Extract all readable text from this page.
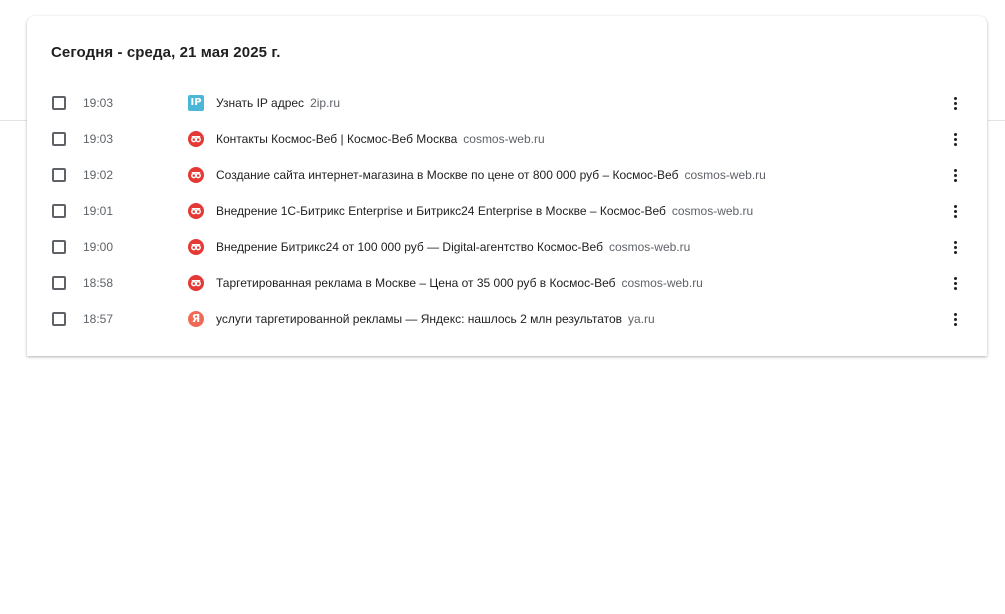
Сегодня - среда, 21 мая 2025 г.
19:03	IP Узнать IP адрес 2ip.ru
19:03	Контакты Космос-Веб | Космос-Веб Москва cosmos-web.ru
19:02	Создание сайта интернет-магазина в Москве по цене от 800 000 руб – Космос-Веб cosmos-web.ru
19:01	Внедрение 1С-Битрикс Enterprise и Битрикс24 Enterprise в Москве – Космос-Веб cosmos-web.ru
19:00	Внедрение Битрикс24 от 100 000 руб — Digital-агентство Космос-Веб cosmos-web.ru
18:58	Таргетированная реклама в Москве – Цена от 35 000 руб в Космос-Веб cosmos-web.ru
18:57	Я	услуги таргетированной рекламы — Яндекс: нашлось 2 млн результатов ya.ru
